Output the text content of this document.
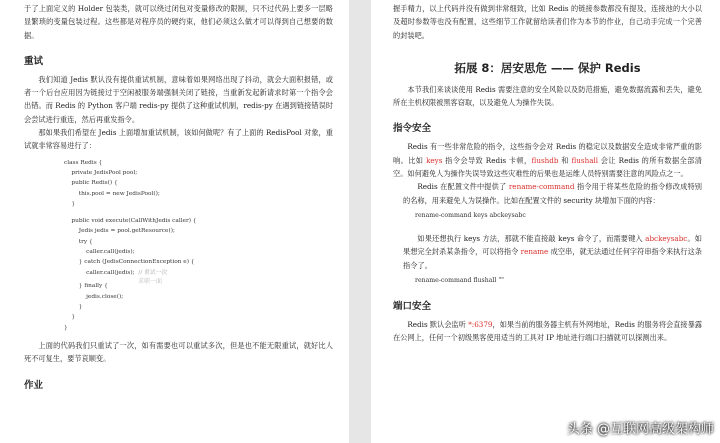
于了上面定义的 Holder 包装类，就可以绕过闭包对变量修改的限制，只不过代码上要多一层略显繁琐的变量包装过程。这些都是对程序员的硬约束，他们必须这么做才可以得到自己想要的数据。

重试

我们知道 Jedis 默认没有提供重试机制，意味着如果网络出现了抖动，就会大面积报错，或者一个后台应用因为链接过于空闲被服务端强制关闭了链接，当重新发起新请求时第一个指令会出错。而 Redis 的 Python 客户端 redis-py 提供了这种重试机制，redis-py 在遇到链接错误时会尝试进行重连，然后再重发指令。

那如果我们希望在 Jedis 上面增加重试机制，该如何做呢？有了上面的 RedisPool 对象，重试就非常容易进行了：

class Redis {
private JedisPool pool;
public Redis() {
this.pool = new JedisPool();
}
public void execute(CallWithJedis caller) {
Jedis jedis = pool.getResource();
try {
caller.call(jedis);
} catch (JedisConnectionException e) {
caller.call(jedis); // 重试一次
} finally {
jedis.close();
}
}
}

上面的代码我们只重试了一次，如有需要也可以重试多次，但是也不能无限重试，就好比人死不可复生，要节哀顺变。

作业

握手精力，以上代码并没有做到非常细致，比如 Redis 的链接参数都没有提及，连接池的大小以及超时参数等也没有配置，这些细节工作就留给读者们作为本节的作业，自己动手完成一个完善的封装吧。

拓展 8：居安思危 —— 保护 Redis

本节我们来谈谈使用 Redis 需要注意的安全风险以及防范措施，避免数据流露和丢失，避免所在主机权限被黑客窃取，以及避免人为操作失误。

指令安全

Redis 有一些非常危险的指令，这些指令会对 Redis 的稳定以及数据安全造成非常严重的影响。比如 keys 指令会导致 Redis 卡顿，flushdb 和 flushall 会让 Redis 的所有数据全部清空。如何避免人为操作失误导致这些灾难性的后果也是运维人员特别需要注意的风险点之一。

Redis 在配置文件中提供了 rename-command 指令用于将某些危险的指令修改成特别的名称，用来避免人为误操作。比如在配置文件的 security 块增加下面的内容：

rename-command keys abckeysabc

如果还想执行 keys 方法，那就不能直接敲 keys 命令了，而需要键入 abckeysabc。如果想完全封杀某条指令，可以将指令 rename 成空串，就无法通过任何字符串指令来执行这条指令了。

rename-command flushall ""
端口安全

Redis 默认会监听 *:6379，如果当前的服务器主机有外网地址，Redis 的服务将会直接暴露在公网上，任何一个初级黑客使用适当的工具对 IP 地址进行端口扫描就可以探测出来。

求职一面
头条 @互联网高级架构师
